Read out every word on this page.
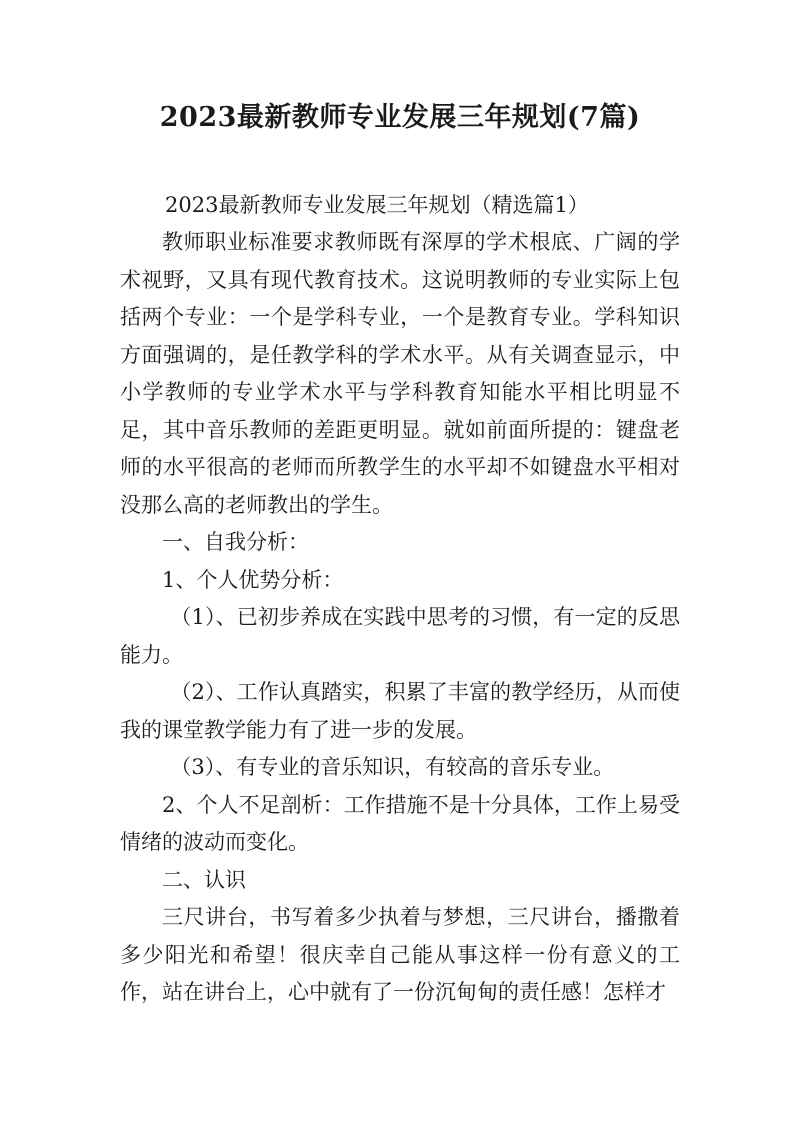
2023最新教师专业发展三年规划(7篇)
2023最新教师专业发展三年规划（精选篇1）

教师职业标准要求教师既有深厚的学术根底、广阔的学术视野，又具有现代教育技术。这说明教师的专业实际上包括两个专业：一个是学科专业，一个是教育专业。学科知识方面强调的，是任教学科的学术水平。从有关调查显示，中小学教师的专业学术水平与学科教育知能水平相比明显不足，其中音乐教师的差距更明显。就如前面所提的：键盘老师的水平很高的老师而所教学生的水平却不如键盘水平相对没那么高的老师教出的学生。

一、自我分析：

1、个人优势分析：

（1）、已初步养成在实践中思考的习惯，有一定的反思能力。

（2）、工作认真踏实，积累了丰富的教学经历，从而使我的课堂教学能力有了进一步的发展。

（3）、有专业的音乐知识，有较高的音乐专业。

2、个人不足剖析：工作措施不是十分具体，工作上易受情绪的波动而变化。

二、认识

三尺讲台，书写着多少执着与梦想，三尺讲台，播撒着多少阳光和希望！很庆幸自己能从事这样一份有意义的工作，站在讲台上，心中就有了一份沉甸甸的责任感！怎样才
